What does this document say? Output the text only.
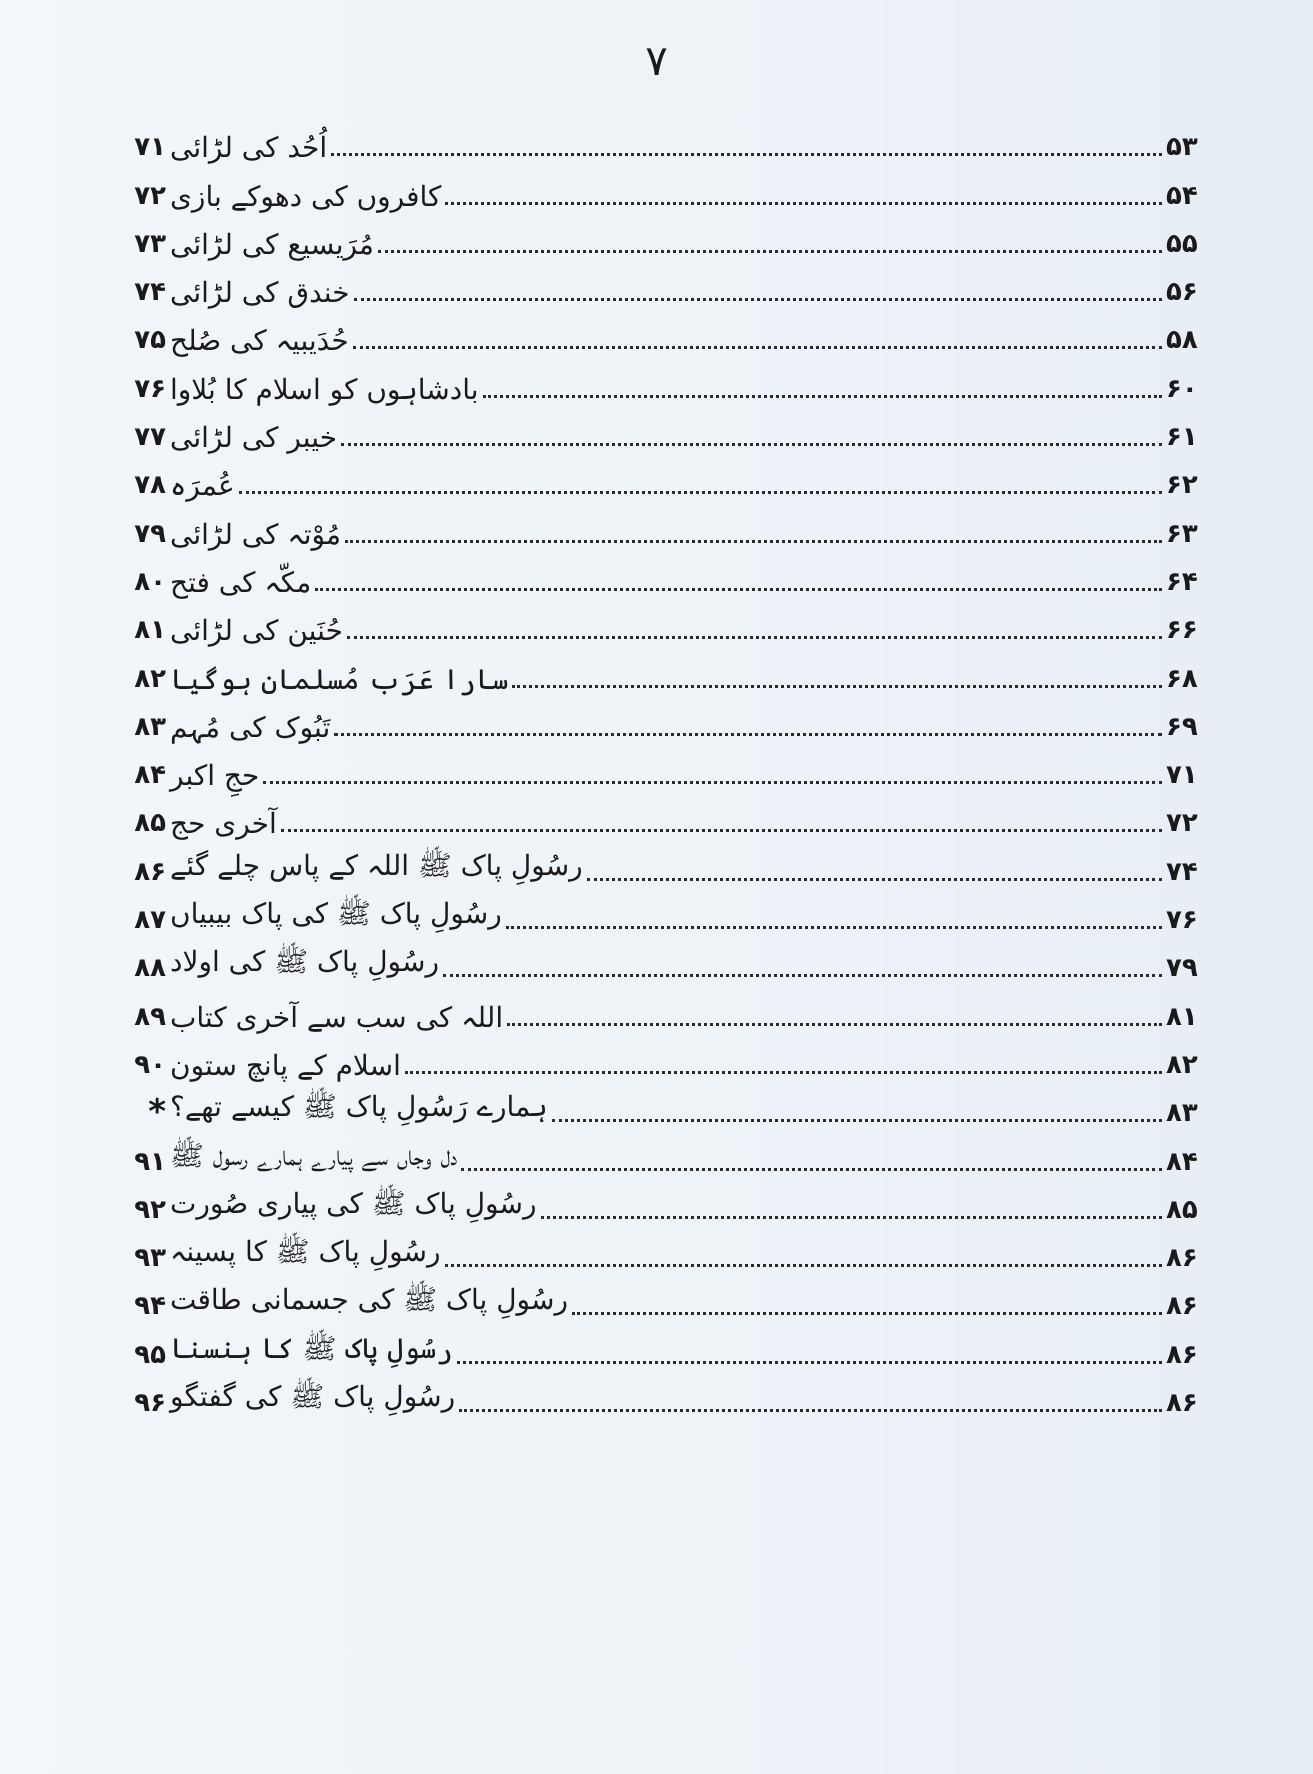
۷
۷۱ اُحُد کی لڑائی	۵۳
۷۲ کافروں کی دھوکے بازی	۵۴
۷۳ مُرَیسیع کی لڑائی	۵۵
۷۴ خندق کی لڑائی	۵۶
۷۵ حُدَیبیہ کی صُلح	۵۸
۷۶ بادشاہوں کو اسلام کا بُلاوا	۶۰
۷۷ خیبر کی لڑائی	۶۱
۷۸ عُمرَہ	۶۲
۷۹ مُوْتہ کی لڑائی	۶۳
۸۰ مکّہ کی فتح	۶۴
۸۱ حُنَین کی لڑائی	۶۶
۸۲ سارا عَرَب مُسلمان ہوگیا	۶۸
۸۳ تَبُوک کی مُہم	۶۹
۸۴ حجِ اکبر	۷۱
۸۵ آخری حج	۷۲
۸۶ رسُولِ پاک ﷺ اللہ کے پاس چلے گئے	۷۴
۸۷ رسُولِ پاک ﷺ کی پاک بیبیاں	۷۶
۸۸ رسُولِ پاک ﷺ کی اولاد	۷۹
۸۹ اللہ کی سب سے آخری کتاب	۸۱
۹۰ اسلام کے پانچ ستون	۸۲
* ہمارے رَسُولِ پاک ﷺ کیسے تھے؟	۸۳
۹۱ دل وجاں سے پیارے ہمارے رسول ﷺ	۸۴
۹۲ رسُولِ پاک ﷺ کی پیاری صُورت	۸۵
۹۳ رسُولِ پاک ﷺ کا پسینہ	۸۶
۹۴ رسُولِ پاک ﷺ کی جسمانی طاقت	۸۶
۹۵ رسُولِ پاک ﷺ کا ہنسنا	۸۶
۹۶ رسُولِ پاک ﷺ کی گفتگو	۸۶
